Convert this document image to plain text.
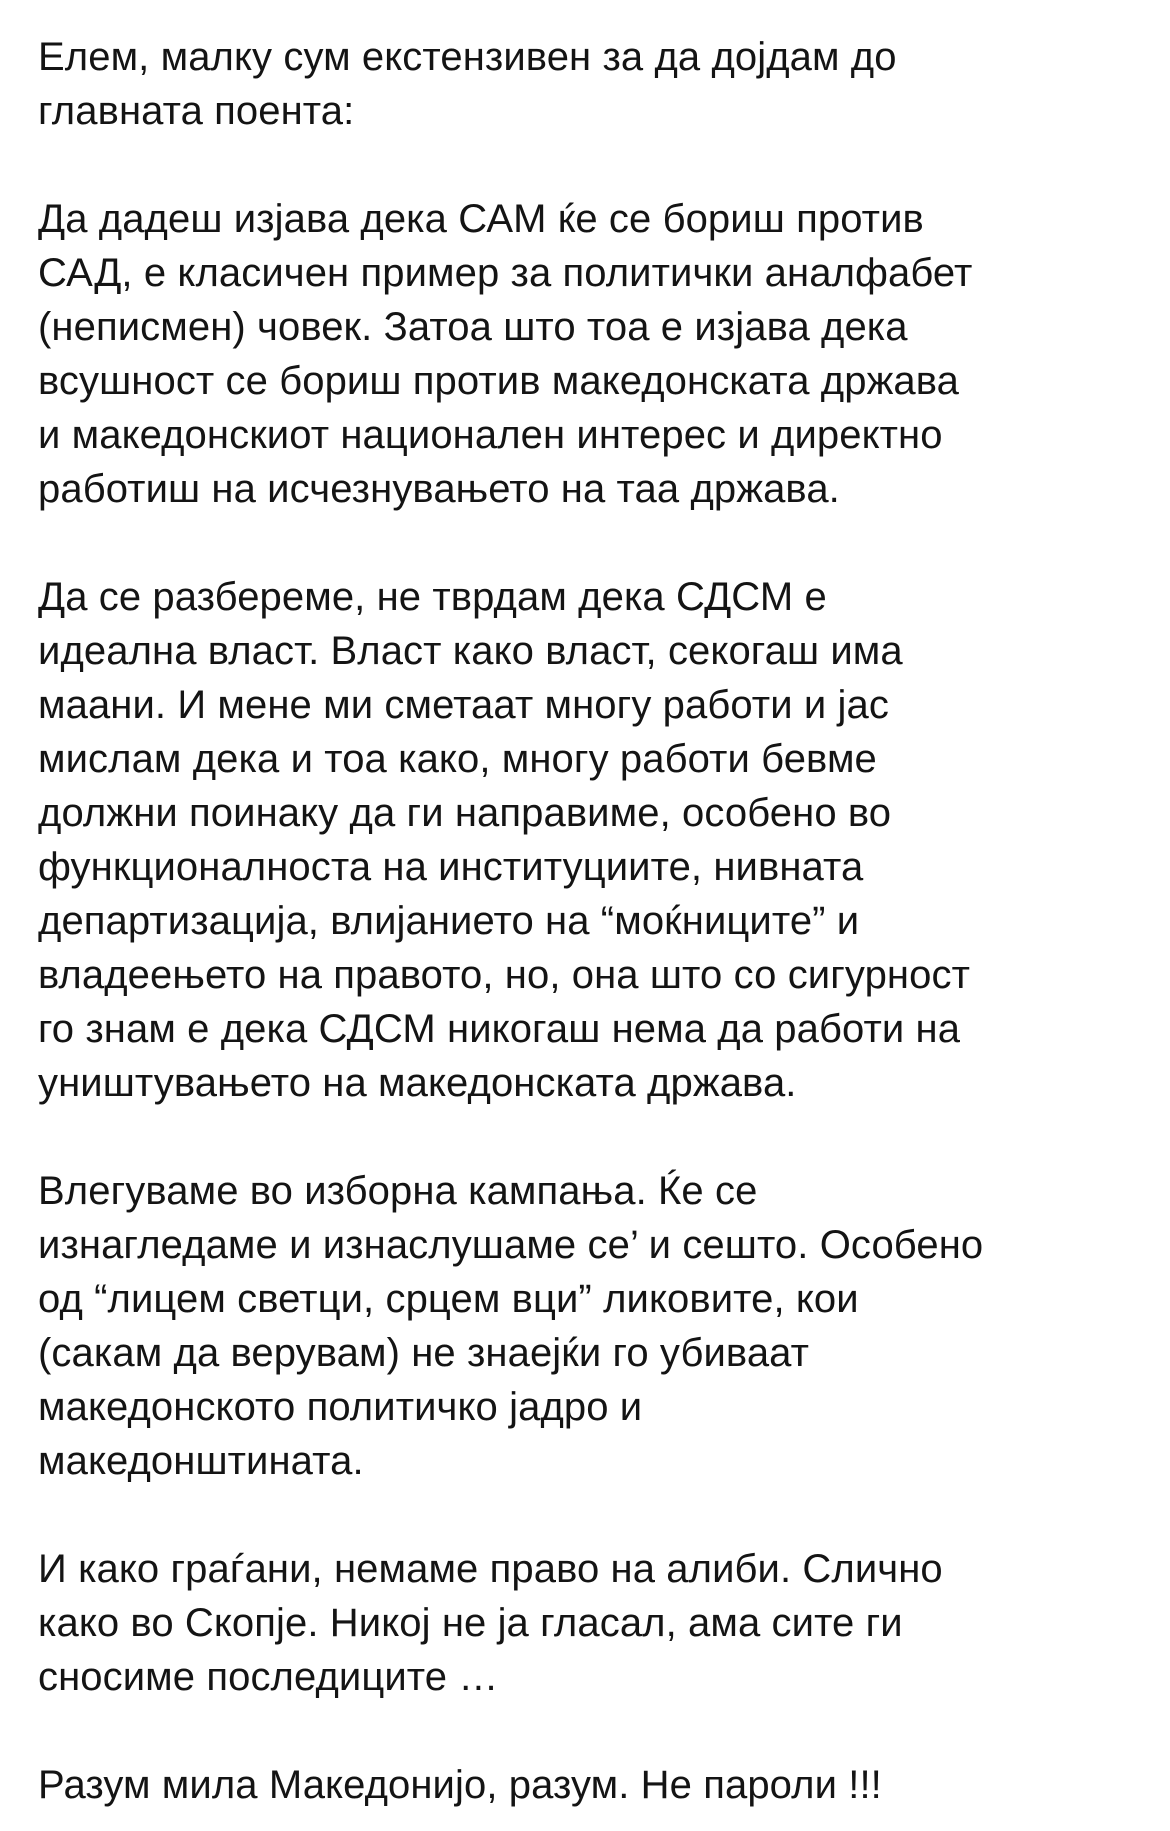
Елем, малку сум екстензивен за да дојдам до
главната поента:

Да дадеш изјава дека САМ ќе се бориш против
САД, е класичен пример за политички аналфабет
(неписмен) човек. Затоа што тоа е изјава дека
всушност се бориш против македонската држава
и македонскиот национален интерес и директно
работиш на исчезнувањето на таа држава.

Да се разбереме, не тврдам дека СДСМ е
идеална власт. Власт како власт, секогаш има
маани. И мене ми сметаат многу работи и јас
мислам дека и тоа како, многу работи бевме
должни поинаку да ги направиме, особено во
функционалноста на институциите, нивната
департизација, влијанието на “моќниците” и
владеењето на правото, но, она што со сигурност
го знам е дека СДСМ никогаш нема да работи на
уништувањето на македонската држава.

Влегуваме во изборна кампања. Ќе се
изнагледаме и изнаслушаме се’ и сешто. Особено
од “лицем светци, срцем вци” ликовите, кои
(сакам да верувам) не знаејќи го убиваат
македонското политичко јадро и
македонштината.

И како граѓани, немаме право на алиби. Слично
како во Скопје. Никој не ја гласал, ама сите ги
сносиме последиците …

Разум мила Македонијо, разум. Не пароли !!!
